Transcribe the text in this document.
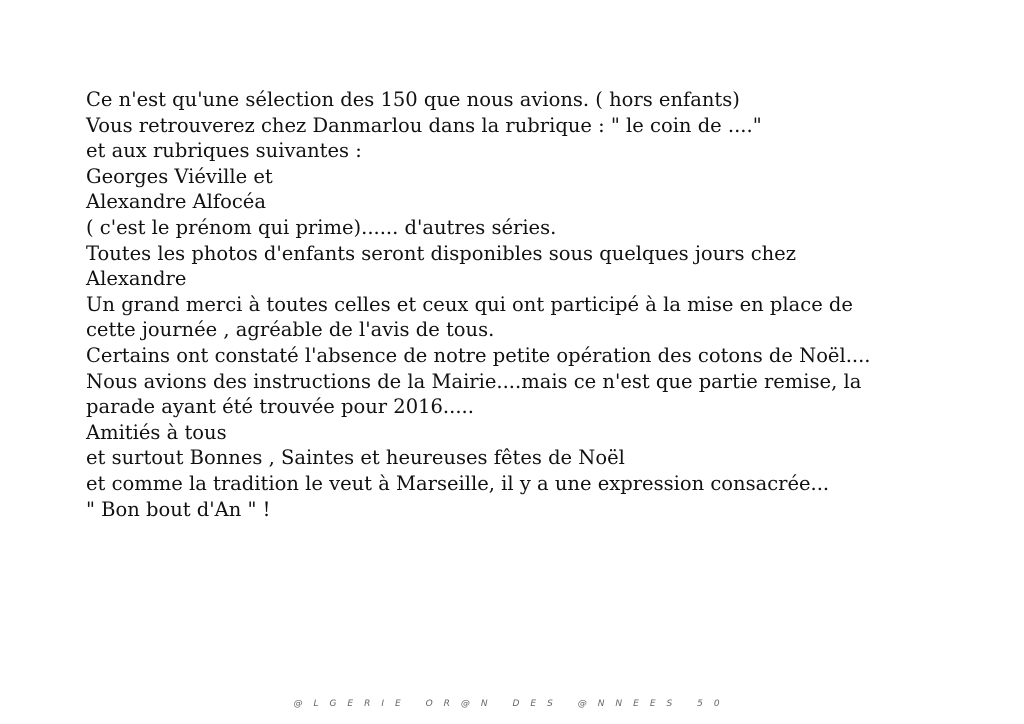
Ce n'est qu'une sélection des 150 que nous avions. ( hors enfants)
Vous retrouverez chez Danmarlou dans la rubrique : " le coin de ...."
et aux rubriques suivantes :
Georges Viéville et
Alexandre Alfocéa
( c'est le prénom qui prime)...... d'autres séries.
Toutes les photos d'enfants seront disponibles sous quelques jours chez
Alexandre
Un grand merci à toutes celles et ceux qui ont participé à la mise en place de
cette journée , agréable de l'avis de tous.
Certains ont constaté l'absence de notre petite opération des cotons de Noël....
Nous avions des instructions de la Mairie....mais ce n'est que partie remise, la
parade ayant été trouvée pour 2016.....
Amitiés à tous
et surtout Bonnes , Saintes et heureuses fêtes de Noël
et comme la tradition le veut à Marseille, il y a une expression consacrée...
" Bon bout d'An " !
@LGERIE OR@N DES @NNEES 50
